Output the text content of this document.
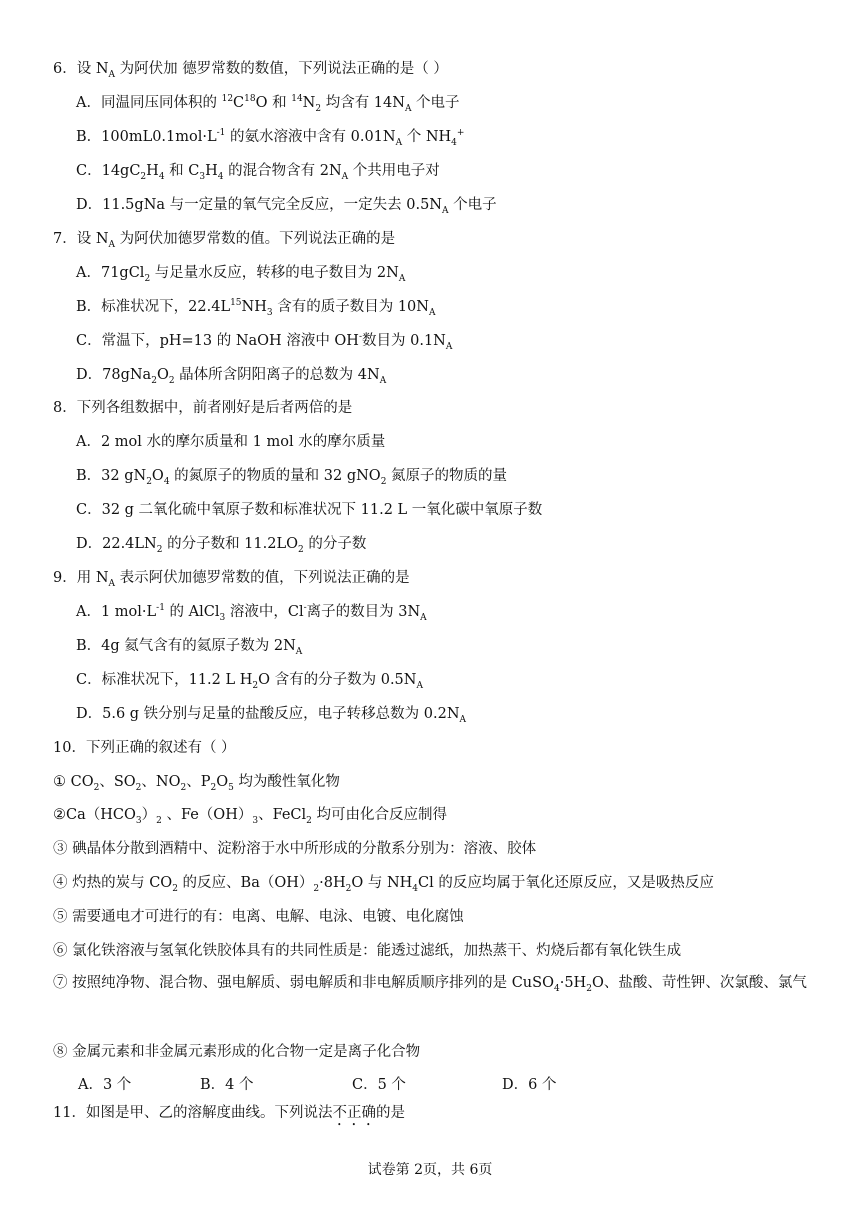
6．设 $N_A$ 为阿伏加 德罗常数的数值，下列说法正确的是（ ）
A．同温同压同体积的 $^{12}C^{18}O$ 和 $^{14}N_2$ 均含有 $14N_A$ 个电子
B．$100mL0.1mol\cdot L^{-1}$ 的氨水溶液中含有 $0.01N_A$ 个 $NH_4^+$
C．$14gC_2H_4$ 和 $C_3H_4$ 的混合物含有 $2N_A$ 个共用电子对
D．11.5gNa 与一定量的氧气完全反应，一定失去 $0.5N_A$ 个电子
7．设 $N_A$ 为阿伏加德罗常数的值。下列说法正确的是
A．71gCl$_2$ 与足量水反应，转移的电子数目为 $2N_A$
B．标准状况下，$22.4L^{15}NH_3$ 含有的质子数目为 $10N_A$
C．常温下，pH=13 的 NaOH 溶液中 OH-数目为 $0.1N_A$
D．$78gNa_2O_2$ 晶体所含阴阳离子的总数为 $4N_A$
8．下列各组数据中，前者刚好是后者两倍的是
A．2 mol 水的摩尔质量和 1 mol 水的摩尔质量
B．32 $gN_2O_4$ 的氮原子的物质的量和 32 gNO$_2$ 氮原子的物质的量
C．32 g 二氧化硫中氧原子数和标准状况下 11.2 L 一氧化碳中氧原子数
D．$22.4LN_2$ 的分子数和 $11.2LO_2$ 的分子数
9．用 $N_A$ 表示阿伏加德罗常数的值，下列说法正确的是
A．1 $mol\cdot L^{-1}$ 的 AlCl$_3$ 溶液中，Cl-离子的数目为 $3N_A$
B．4g 氦气含有的氦原子数为 $2N_A$
C．标准状况下，11.2 L $H_2O$ 含有的分子数为 $0.5N_A$
D．5.6 g 铁分别与足量的盐酸反应，电子转移总数为 $0.2N_A$
10．下列正确的叙述有（ ）
① $CO_2$、$SO_2$、$NO_2$、$P_2O_5$ 均为酸性氧化物
$②Ca(HCO_3)_2$ 、$Fe(OH)_3$、FeCl$_2$ 均可由化合反应制得
③ 碘晶体分散到酒精中、淀粉溶于水中所形成的分散系分别为：溶液、胶体
④ 灼热的炭与 $CO_2$ 的反应、$Ba(OH)_2\cdot 8H_2O$ 与 $NH_4Cl$ 的反应均属于氧化还原反应，又是吸热反应
⑤ 需要通电才可进行的有：电离、电解、电泳、电镀、电化腐蚀
⑥ 氯化铁溶液与氢氧化铁胶体具有的共同性质是：能透过滤纸，加热蒸干、灼烧后都有氧化铁生成
⑦ 按照纯净物、混合物、强电解质、弱电解质和非电解质顺序排列的是 $CuSO_4\cdot 5H_2O$、盐酸、苛性钾、次氯酸、氯气
⑧ 金属元素和非金属元素形成的化合物一定是离子化合物
A．3 个	B．4 个	C．5 个	D．6 个
11．如图是甲、乙的溶解度曲线。下列说法不正确的是
试卷第 2页，共 6页
